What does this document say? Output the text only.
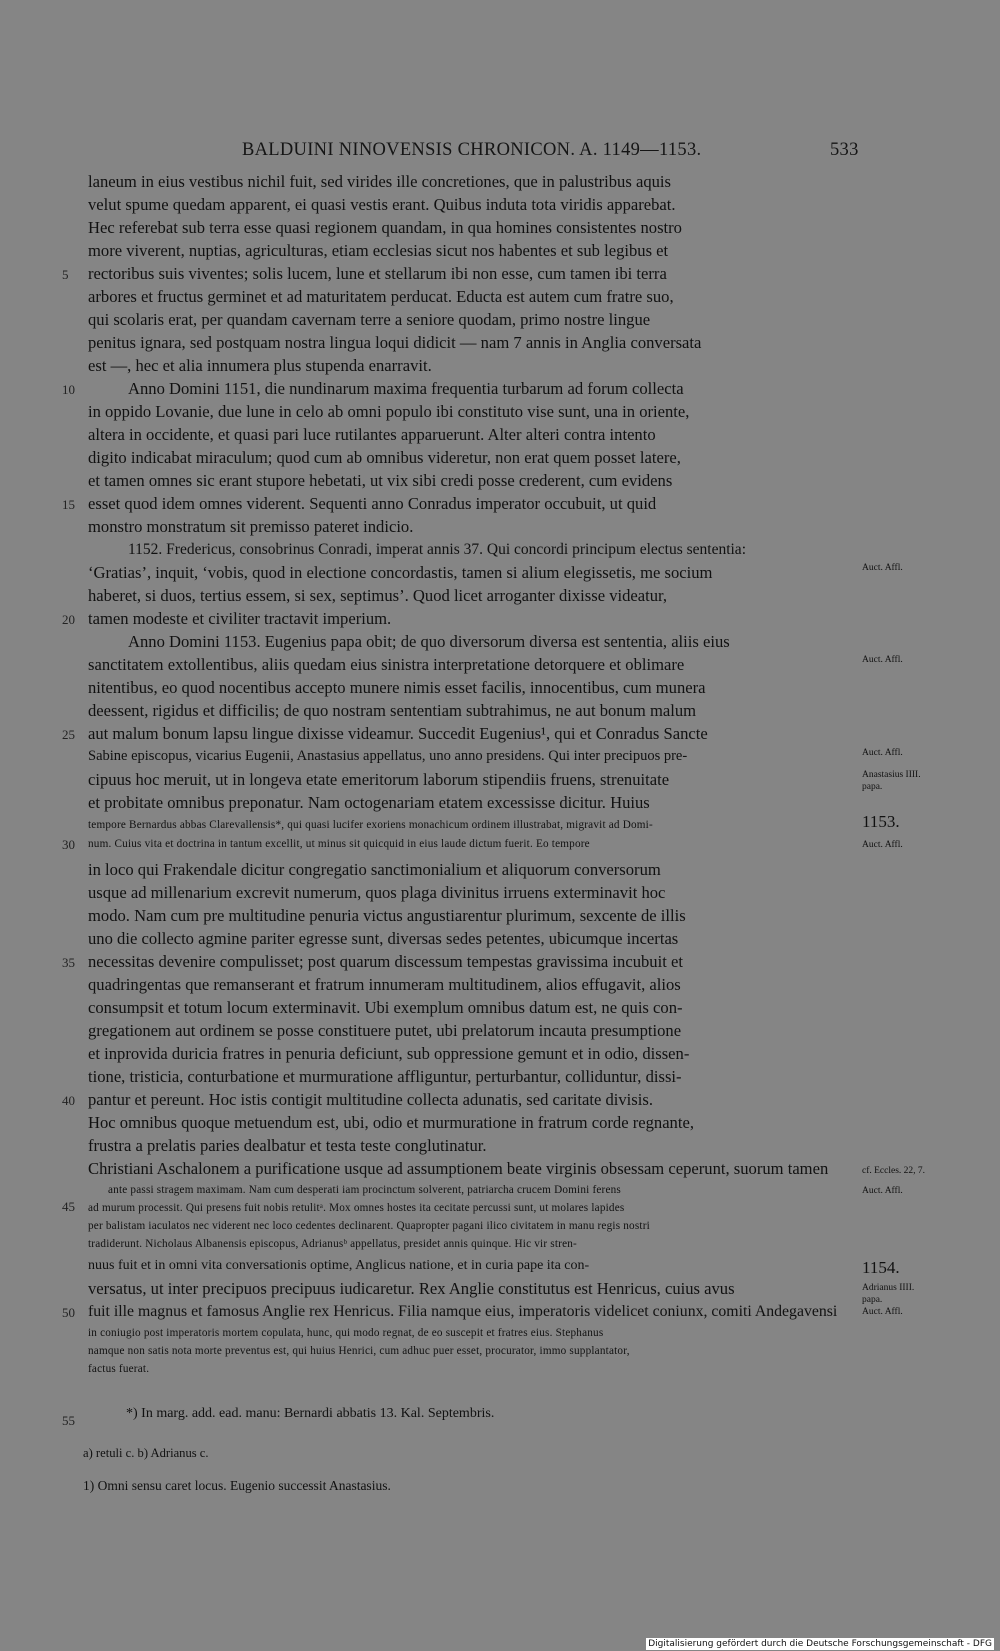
BALDUINI NINOVENSIS CHRONICON. A. 1149—1153.	533
laneum in eius vestibus nichil fuit, sed virides ille concretiones, que in palustribus aquis
velut spume quedam apparent, ei quasi vestis erant. Quibus induta tota viridis apparebat.
Hec referebat sub terra esse quasi regionem quandam, in qua homines consistentes nostro
more viverent, nuptias, agriculturas, etiam ecclesias sicut nos habentes et sub legibus et
rectoribus suis viventes; solis lucem, lune et stellarum ibi non esse, cum tamen ibi terra
arbores et fructus germinet et ad maturitatem perducat. Educta est autem cum fratre suo,
qui scolaris erat, per quandam cavernam terre a seniore quodam, primo nostre lingue
penitus ignara, sed postquam nostra lingua loqui didicit — nam 7 annis in Anglia conversata
est —, hec et alia innumera plus stupenda enarravit.
Anno Domini 1151, die nundinarum maxima frequentia turbarum ad forum collecta
in oppido Lovanie, due lune in celo ab omni populo ibi constituto vise sunt, una in oriente,
altera in occidente, et quasi pari luce rutilantes apparuerunt. Alter alteri contra intento
digito indicabat miraculum; quod cum ab omnibus videretur, non erat quem posset latere,
et tamen omnes sic erant stupore hebetati, ut vix sibi credi posse crederent, cum evidens
esset quod idem omnes viderent. Sequenti anno Conradus imperator occubuit, ut quid
monstro monstratum sit premisso pateret indicio.
1152. Fredericus, consobrinus Conradi, imperat annis 37. Qui concordi principum electus sententia:
‘Gratias’, inquit, ‘vobis, quod in electione concordastis, tamen si alium elegissetis, me socium
haberet, si duos, tertius essem, si sex, septimus’. Quod licet arroganter dixisse videatur,
tamen modeste et civiliter tractavit imperium.
Anno Domini 1153. Eugenius papa obit; de quo diversorum diversa est sententia, aliis eius
sanctitatem extollentibus, aliis quedam eius sinistra interpretatione detorquere et oblimare
nitentibus, eo quod nocentibus accepto munere nimis esset facilis, innocentibus, cum munera
deessent, rigidus et difficilis; de quo nostram sententiam subtrahimus, ne aut bonum malum
aut malum bonum lapsu lingue dixisse videamur. Succedit Eugenius¹, qui et Conradus Sancte
Sabine episcopus, vicarius Eugenii, Anastasius appellatus, uno anno presidens. Qui inter precipuos pre-
cipuus hoc meruit, ut in longeva etate emeritorum laborum stipendiis fruens, strenuitate
et probitate omnibus preponatur. Nam octogenariam etatem excessisse dicitur. Huius
tempore Bernardus abbas Clarevallensis*, qui quasi lucifer exoriens monachicum ordinem illustrabat, migravit ad Domi-
num. Cuius vita et doctrina in tantum excellit, ut minus sit quicquid in eius laude dictum fuerit. Eo tempore
in loco qui Frakendale dicitur congregatio sanctimonialium et aliquorum conversorum
usque ad millenarium excrevit numerum, quos plaga divinitus irruens exterminavit hoc
modo. Nam cum pre multitudine penuria victus angustiarentur plurimum, sexcente de illis
uno die collecto agmine pariter egresse sunt, diversas sedes petentes, ubicumque incertas
necessitas devenire compulisset; post quarum discessum tempestas gravissima incubuit et
quadringentas que remanserant et fratrum innumeram multitudinem, alios effugavit, alios
consumpsit et totum locum exterminavit. Ubi exemplum omnibus datum est, ne quis con-
gregationem aut ordinem se posse constituere putet, ubi prelatorum incauta presumptione
et inprovida duricia fratres in penuria deficiunt, sub oppressione gemunt et in odio, dissen-
tione, tristicia, conturbatione et murmuratione affliguntur, perturbantur, colliduntur, dissi-
pantur et pereunt. Hoc istis contigit multitudine collecta adunatis, sed caritate divisis.
Hoc omnibus quoque metuendum est, ubi, odio et murmuratione in fratrum corde regnante,
frustra a prelatis paries dealbatur et testa teste conglutinatur.
Christiani Aschalonem a purificatione usque ad assumptionem beate virginis obsessam ceperunt, suorum tamen
ante passi stragem maximam. Nam cum desperati iam procinctum solverent, patriarcha crucem Domini ferens
ad murum processit. Qui presens fuit nobis retulitᵃ. Mox omnes hostes ita cecitate percussi sunt, ut molares lapides
per balistam iaculatos nec viderent nec loco cedentes declinarent. Quapropter pagani ilico civitatem in manu regis nostri
tradiderunt. Nicholaus Albanensis episcopus, Adrianusᵇ appellatus, presidet annis quinque. Hic vir stren-
nuus fuit et in omni vita conversationis optime, Anglicus natione, et in curia pape ita con-
versatus, ut inter precipuos precipuus iudicaretur. Rex Anglie constitutus est Henricus, cuius avus
fuit ille magnus et famosus Anglie rex Henricus. Filia namque eius, imperatoris videlicet coniunx, comiti Andegavensi
in coniugio post imperatoris mortem copulata, hunc, qui modo regnat, de eo suscepit et fratres eius. Stephanus
namque non satis nota morte preventus est, qui huius Henrici, cum adhuc puer esset, procurator, immo supplantator,
factus fuerat.
5
10
15
20
25
30
35
40
45
50
55
Auct. Affl.
Auct. Affl.
Auct. Affl.
Anastasius IIII.
papa.
1153.
Auct. Affl.
cf. Eccles. 22, 7.
Auct. Affl.
1154.
Adrianus IIII.
papa.
Auct. Affl.
*) In marg. add. ead. manu: Bernardi abbatis 13. Kal. Septembris.
a) retuli c. b) Adrianus c.
1) Omni sensu caret locus. Eugenio successit Anastasius.
Digitalisierung gefördert durch die Deutsche Forschungsgemeinschaft - DFG
